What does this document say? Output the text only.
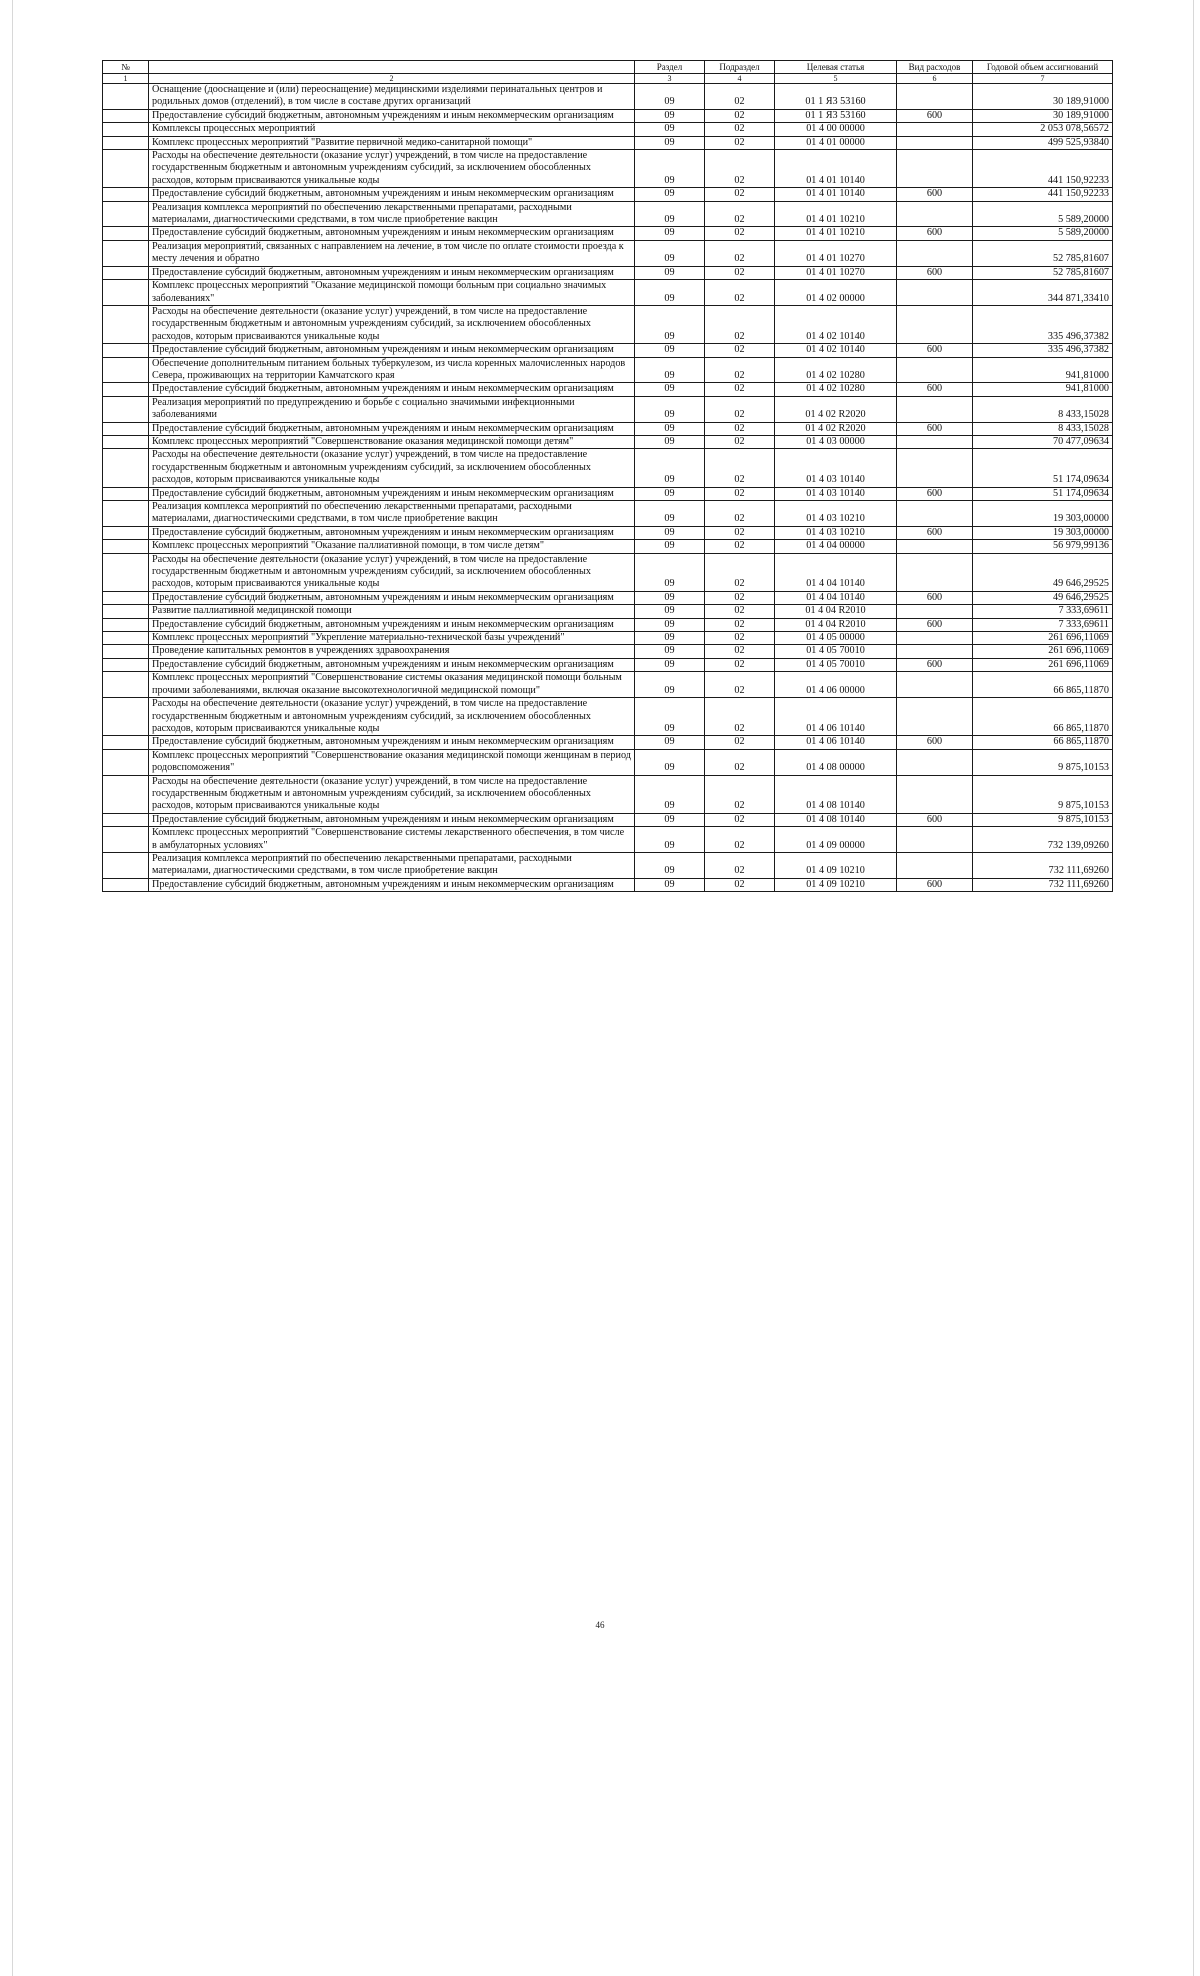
№		Раздел	Подраздел	Целевая статья	Вид расходов	Годовой объем ассигнований
1	2	3	4	5	6	7
	Оснащение (дооснащение и (или) переоснащение) медицинскими изделиями перинатальных центров и родильных домов (отделений), в том числе в составе других организаций	09	02	01 1 Я3 53160		30 189,91000
	Предоставление субсидий бюджетным, автономным учреждениям и иным некоммерческим организациям	09	02	01 1 Я3 53160	600	30 189,91000
	Комплексы процессных мероприятий	09	02	01 4 00 00000		2 053 078,56572
	Комплекс процессных мероприятий "Развитие первичной медико-санитарной помощи"	09	02	01 4 01 00000		499 525,93840
	Расходы на обеспечение деятельности (оказание услуг) учреждений, в том числе на предоставление государственным бюджетным и автономным учреждениям субсидий, за исключением обособленных расходов, которым присваиваются уникальные коды	09	02	01 4 01 10140		441 150,92233
	Предоставление субсидий бюджетным, автономным учреждениям и иным некоммерческим организациям	09	02	01 4 01 10140	600	441 150,92233
	Реализация комплекса мероприятий по обеспечению лекарственными препаратами, расходными материалами, диагностическими средствами, в том числе приобретение вакцин	09	02	01 4 01 10210		5 589,20000
	Предоставление субсидий бюджетным, автономным учреждениям и иным некоммерческим организациям	09	02	01 4 01 10210	600	5 589,20000
	Реализация мероприятий, связанных с направлением на лечение, в том числе по оплате стоимости проезда к месту лечения и обратно	09	02	01 4 01 10270		52 785,81607
	Предоставление субсидий бюджетным, автономным учреждениям и иным некоммерческим организациям	09	02	01 4 01 10270	600	52 785,81607
	Комплекс процессных мероприятий "Оказание медицинской помощи больным при социально значимых заболеваниях"	09	02	01 4 02 00000		344 871,33410
	Расходы на обеспечение деятельности (оказание услуг) учреждений, в том числе на предоставление государственным бюджетным и автономным учреждениям субсидий, за исключением обособленных расходов, которым присваиваются уникальные коды	09	02	01 4 02 10140		335 496,37382
	Предоставление субсидий бюджетным, автономным учреждениям и иным некоммерческим организациям	09	02	01 4 02 10140	600	335 496,37382
	Обеспечение дополнительным питанием больных туберкулезом, из числа коренных малочисленных народов Севера, проживающих на территории Камчатского края	09	02	01 4 02 10280		941,81000
	Предоставление субсидий бюджетным, автономным учреждениям и иным некоммерческим организациям	09	02	01 4 02 10280	600	941,81000
	Реализация мероприятий по предупреждению и борьбе с социально значимыми инфекционными заболеваниями	09	02	01 4 02 R2020		8 433,15028
	Предоставление субсидий бюджетным, автономным учреждениям и иным некоммерческим организациям	09	02	01 4 02 R2020	600	8 433,15028
	Комплекс процессных мероприятий "Совершенствование оказания медицинской помощи детям"	09	02	01 4 03 00000		70 477,09634
	Расходы на обеспечение деятельности (оказание услуг) учреждений, в том числе на предоставление государственным бюджетным и автономным учреждениям субсидий, за исключением обособленных расходов, которым присваиваются уникальные коды	09	02	01 4 03 10140		51 174,09634
	Предоставление субсидий бюджетным, автономным учреждениям и иным некоммерческим организациям	09	02	01 4 03 10140	600	51 174,09634
	Реализация комплекса мероприятий по обеспечению лекарственными препаратами, расходными материалами, диагностическими средствами, в том числе приобретение вакцин	09	02	01 4 03 10210		19 303,00000
	Предоставление субсидий бюджетным, автономным учреждениям и иным некоммерческим организациям	09	02	01 4 03 10210	600	19 303,00000
	Комплекс процессных мероприятий "Оказание паллиативной помощи, в том числе детям"	09	02	01 4 04 00000		56 979,99136
	Расходы на обеспечение деятельности (оказание услуг) учреждений, в том числе на предоставление государственным бюджетным и автономным учреждениям субсидий, за исключением обособленных расходов, которым присваиваются уникальные коды	09	02	01 4 04 10140		49 646,29525
	Предоставление субсидий бюджетным, автономным учреждениям и иным некоммерческим организациям	09	02	01 4 04 10140	600	49 646,29525
	Развитие паллиативной медицинской помощи	09	02	01 4 04 R2010		7 333,69611
	Предоставление субсидий бюджетным, автономным учреждениям и иным некоммерческим организациям	09	02	01 4 04 R2010	600	7 333,69611
	Комплекс процессных мероприятий "Укрепление материально-технической базы учреждений"	09	02	01 4 05 00000		261 696,11069
	Проведение капитальных ремонтов в учреждениях здравоохранения	09	02	01 4 05 70010		261 696,11069
	Предоставление субсидий бюджетным, автономным учреждениям и иным некоммерческим организациям	09	02	01 4 05 70010	600	261 696,11069
	Комплекс процессных мероприятий "Совершенствование системы оказания медицинской помощи больным прочими заболеваниями, включая оказание высокотехнологичной медицинской помощи"	09	02	01 4 06 00000		66 865,11870
	Расходы на обеспечение деятельности (оказание услуг) учреждений, в том числе на предоставление государственным бюджетным и автономным учреждениям субсидий, за исключением обособленных расходов, которым присваиваются уникальные коды	09	02	01 4 06 10140		66 865,11870
	Предоставление субсидий бюджетным, автономным учреждениям и иным некоммерческим организациям	09	02	01 4 06 10140	600	66 865,11870
	Комплекс процессных мероприятий "Совершенствование оказания медицинской помощи женщинам в период родовспоможения"	09	02	01 4 08 00000		9 875,10153
	Расходы на обеспечение деятельности (оказание услуг) учреждений, в том числе на предоставление государственным бюджетным и автономным учреждениям субсидий, за исключением обособленных расходов, которым присваиваются уникальные коды	09	02	01 4 08 10140		9 875,10153
	Предоставление субсидий бюджетным, автономным учреждениям и иным некоммерческим организациям	09	02	01 4 08 10140	600	9 875,10153
	Комплекс процессных мероприятий "Совершенствование системы лекарственного обеспечения, в том числе в амбулаторных условиях"	09	02	01 4 09 00000		732 139,09260
	Реализация комплекса мероприятий по обеспечению лекарственными препаратами, расходными материалами, диагностическими средствами, в том числе приобретение вакцин	09	02	01 4 09 10210		732 111,69260
	Предоставление субсидий бюджетным, автономным учреждениям и иным некоммерческим организациям	09	02	01 4 09 10210	600	732 111,69260
46
